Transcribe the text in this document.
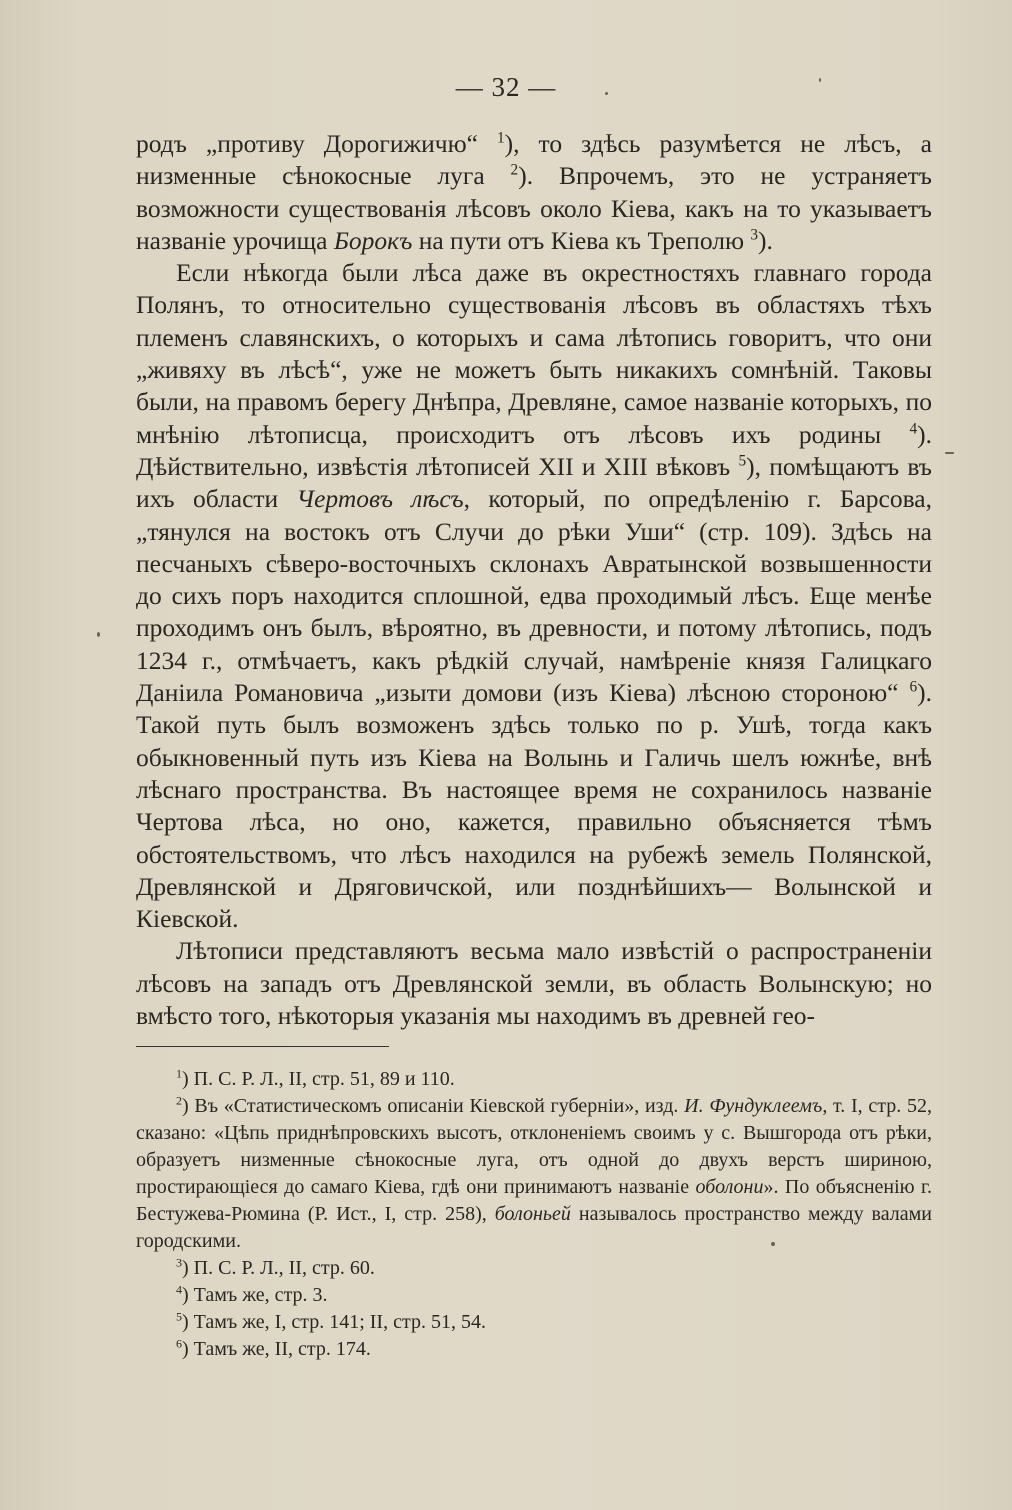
— 32 —

родъ „противу Дорогижичю“ $^1$), то здѣсь разумѣется не лѣсъ, а низменные сѣнокосные луга $^2$). Впрочемъ, это не устраняетъ возможности существованія лѣсовъ около Кіева, какъ на то указываетъ названіе урочища Борокъ на пути отъ Кіева къ Треполю $^3$).

Если нѣкогда были лѣса даже въ окрестностяхъ главнаго города Полянъ, то относительно существованія лѣсовъ въ областяхъ тѣхъ племенъ славянскихъ, о которыхъ и сама лѣтопись говоритъ, что они „живяху въ лѣсѣ“, уже не можетъ быть никакихъ сомнѣній. Таковы были, на правомъ берегу Днѣпра, Древляне, самое названіе которыхъ, по мнѣнію лѣтописца, происходитъ отъ лѣсовъ ихъ родины $^4$). Дѣйствительно, извѣстія лѣтописей XII и XIII вѣковъ $^5$), помѣщаютъ въ ихъ области Чертовъ лѣсъ, который, по опредѣленію г. Барсова, „тянулся на востокъ отъ Случи до рѣки Уши“ (стр. 109). Здѣсь на песчаныхъ сѣверо-восточныхъ склонахъ Авратынской возвышенности до сихъ поръ находится сплошной, едва проходимый лѣсъ. Еще менѣе проходимъ онъ былъ, вѣроятно, въ древности, и потому лѣтопись, подъ 1234 г., отмѣчаетъ, какъ рѣдкій случай, намѣреніе князя Галицкаго Даніила Романовича „изыти домови (изъ Кіева) лѣсною стороною“ $^6$). Такой путь былъ возможенъ здѣсь только по р. Ушѣ, тогда какъ обыкновенный путь изъ Кіева на Волынь и Галичь шелъ южнѣе, внѣ лѣснаго пространства. Въ настоящее время не сохранилось названіе Чертова лѣса, но оно, кажется, правильно объясняется тѣмъ обстоятельствомъ, что лѣсъ находился на рубежѣ земель Полянской, Древлянской и Дряговичской, или позднѣйшихъ— Волынской и Кіевской.

Лѣтописи представляютъ весьма мало извѣстій о распространеніи лѣсовъ на западъ отъ Древлянской земли, въ область Волынскую; но вмѣсто того, нѣкоторыя указанія мы находимъ въ древней гео-

$^1$) П. С. Р. Л., II, стр. 51, 89 и 110.

$^2$) Въ «Статистическомъ описаніи Кіевской губерніи», изд. И. Фундуклеемъ, т. I, стр. 52, сказано: «Цѣпь приднѣпровскихъ высотъ, отклоненіемъ своимъ у с. Вышгорода отъ рѣки, образуетъ низменные сѣнокосные луга, отъ одной до двухъ верстъ шириною, простирающіеся до самаго Кіева, гдѣ они принимаютъ названіе оболони». По объясненію г. Бестужева-Рюмина (Р. Ист., I, стр. 258), болоньей называлось пространство между валами городскими.

$^3$) П. С. Р. Л., II, стр. 60.

$^4$) Тамъ же, стр. 3.

$^5$) Тамъ же, I, стр. 141; II, стр. 51, 54.

$^6$) Тамъ же, II, стр. 174.
